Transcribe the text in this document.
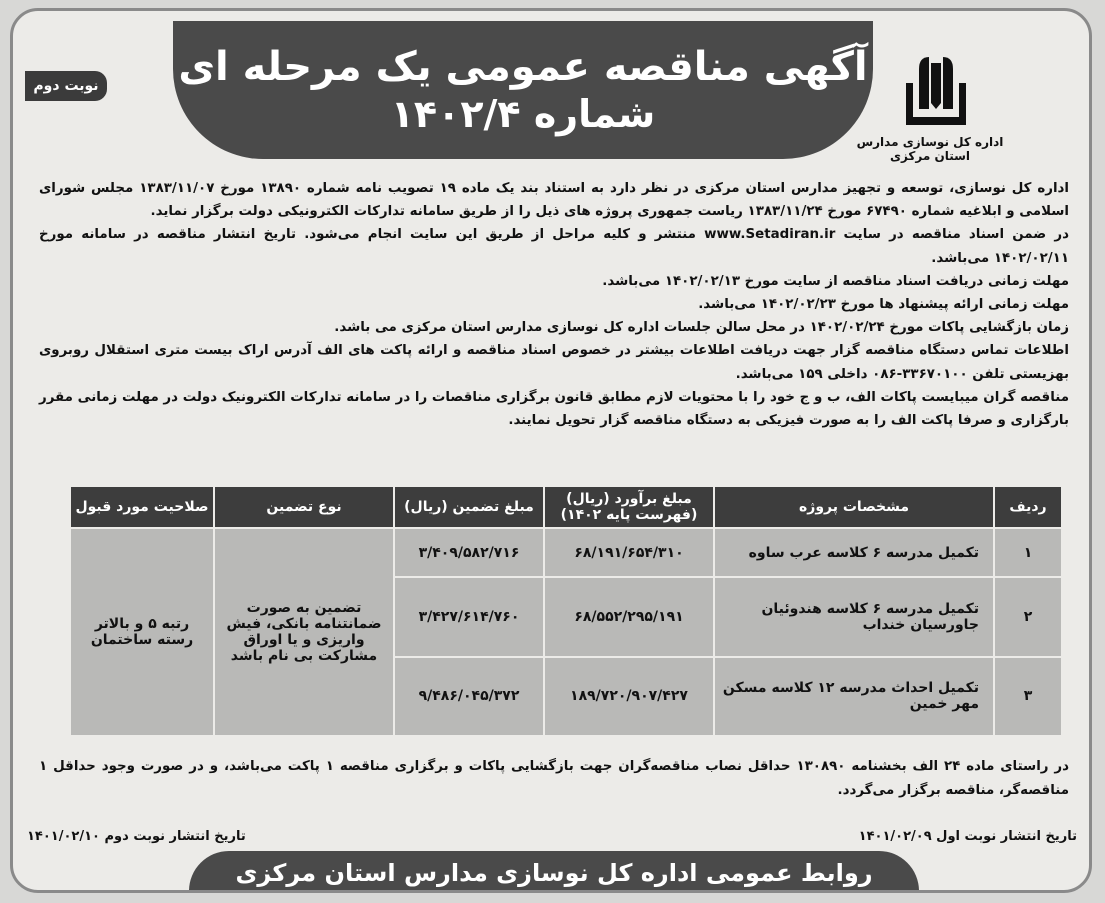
آگهی مناقصه عمومی یک مرحله ای
شماره ۱۴۰۲/۴
نوبت دوم
اداره کل نوسازی مدارس استان مرکزی

اداره کل نوسازی، توسعه و تجهیز مدارس استان مرکزی در نظر دارد به استناد بند یک ماده ۱۹ تصویب نامه شماره ۱۳۸۹۰ مورخ ۱۳۸۳/۱۱/۰۷ مجلس شورای اسلامی و ابلاغیه شماره ۶۷۴۹۰ مورخ ۱۳۸۳/۱۱/۲۴ ریاست جمهوری پروژه های ذیل را از طریق سامانه تدارکات الکترونیکی دولت برگزار نماید.

در ضمن اسناد مناقصه در سایت www.Setadiran.ir منتشر و کلیه مراحل از طریق این سایت انجام می‌شود. تاریخ انتشار مناقصه در سامانه مورخ ۱۴۰۲/۰۲/۱۱ می‌باشد.

مهلت زمانی دریافت اسناد مناقصه از سایت مورخ ۱۴۰۲/۰۲/۱۳ می‌باشد.

مهلت زمانی ارائه پیشنهاد ها مورخ ۱۴۰۲/۰۲/۲۳ می‌باشد.

زمان بازگشایی پاکات مورخ ۱۴۰۲/۰۲/۲۴ در محل سالن جلسات اداره کل نوسازی مدارس استان مرکزی می باشد.

اطلاعات تماس دستگاه مناقصه گزار جهت دریافت اطلاعات بیشتر در خصوص اسناد مناقصه و ارائه پاکت های الف آدرس اراک بیست متری استقلال روبروی بهزیستی تلفن ۳۳۶۷۰۱۰۰-۰۸۶ داخلی ۱۵۹ می‌باشد.

مناقصه گران میبایست پاکات الف، ب و ج خود را با محتویات لازم مطابق قانون برگزاری مناقصات را در سامانه تدارکات الکترونیک دولت در مهلت زمانی مقرر بارگزاری و صرفا پاکت الف را به صورت فیزیکی به دستگاه مناقصه گزار تحویل نمایند.

ردیف	مشخصات پروژه	مبلغ برآورد (ریال) (فهرست پایه ۱۴۰۲)	مبلغ تضمین (ریال)	نوع تضمین	صلاحیت مورد قبول
۱	تکمیل مدرسه ۶ کلاسه عرب ساوه	۶۸/۱۹۱/۶۵۴/۳۱۰	۳/۴۰۹/۵۸۲/۷۱۶	تضمین به صورت ضمانتنامه بانکی، فیش واریزی و یا اوراق مشارکت بی نام باشد	رتبه ۵ و بالاتر رسته ساختمان
۲	تکمیل مدرسه ۶ کلاسه هندوئیان جاورسیان خنداب	۶۸/۵۵۲/۲۹۵/۱۹۱	۳/۴۲۷/۶۱۴/۷۶۰		
۳	تکمیل احداث مدرسه ۱۲ کلاسه مسکن مهر خمین	۱۸۹/۷۲۰/۹۰۷/۴۲۷	۹/۴۸۶/۰۴۵/۳۷۲		
در راستای ماده ۲۴ الف بخشنامه ۱۳۰۸۹۰ حداقل نصاب مناقصه‌گران جهت بازگشایی پاکات و برگزاری مناقصه ۱ پاکت می‌باشد، و در صورت وجود حداقل ۱ مناقصه‌گر، مناقصه برگزار می‌گردد.
تاریخ انتشار نوبت اول ۱۴۰۱/۰۲/۰۹
تاریخ انتشار نوبت دوم ۱۴۰۱/۰۲/۱۰
روابط عمومی اداره کل نوسازی مدارس استان مرکزی
